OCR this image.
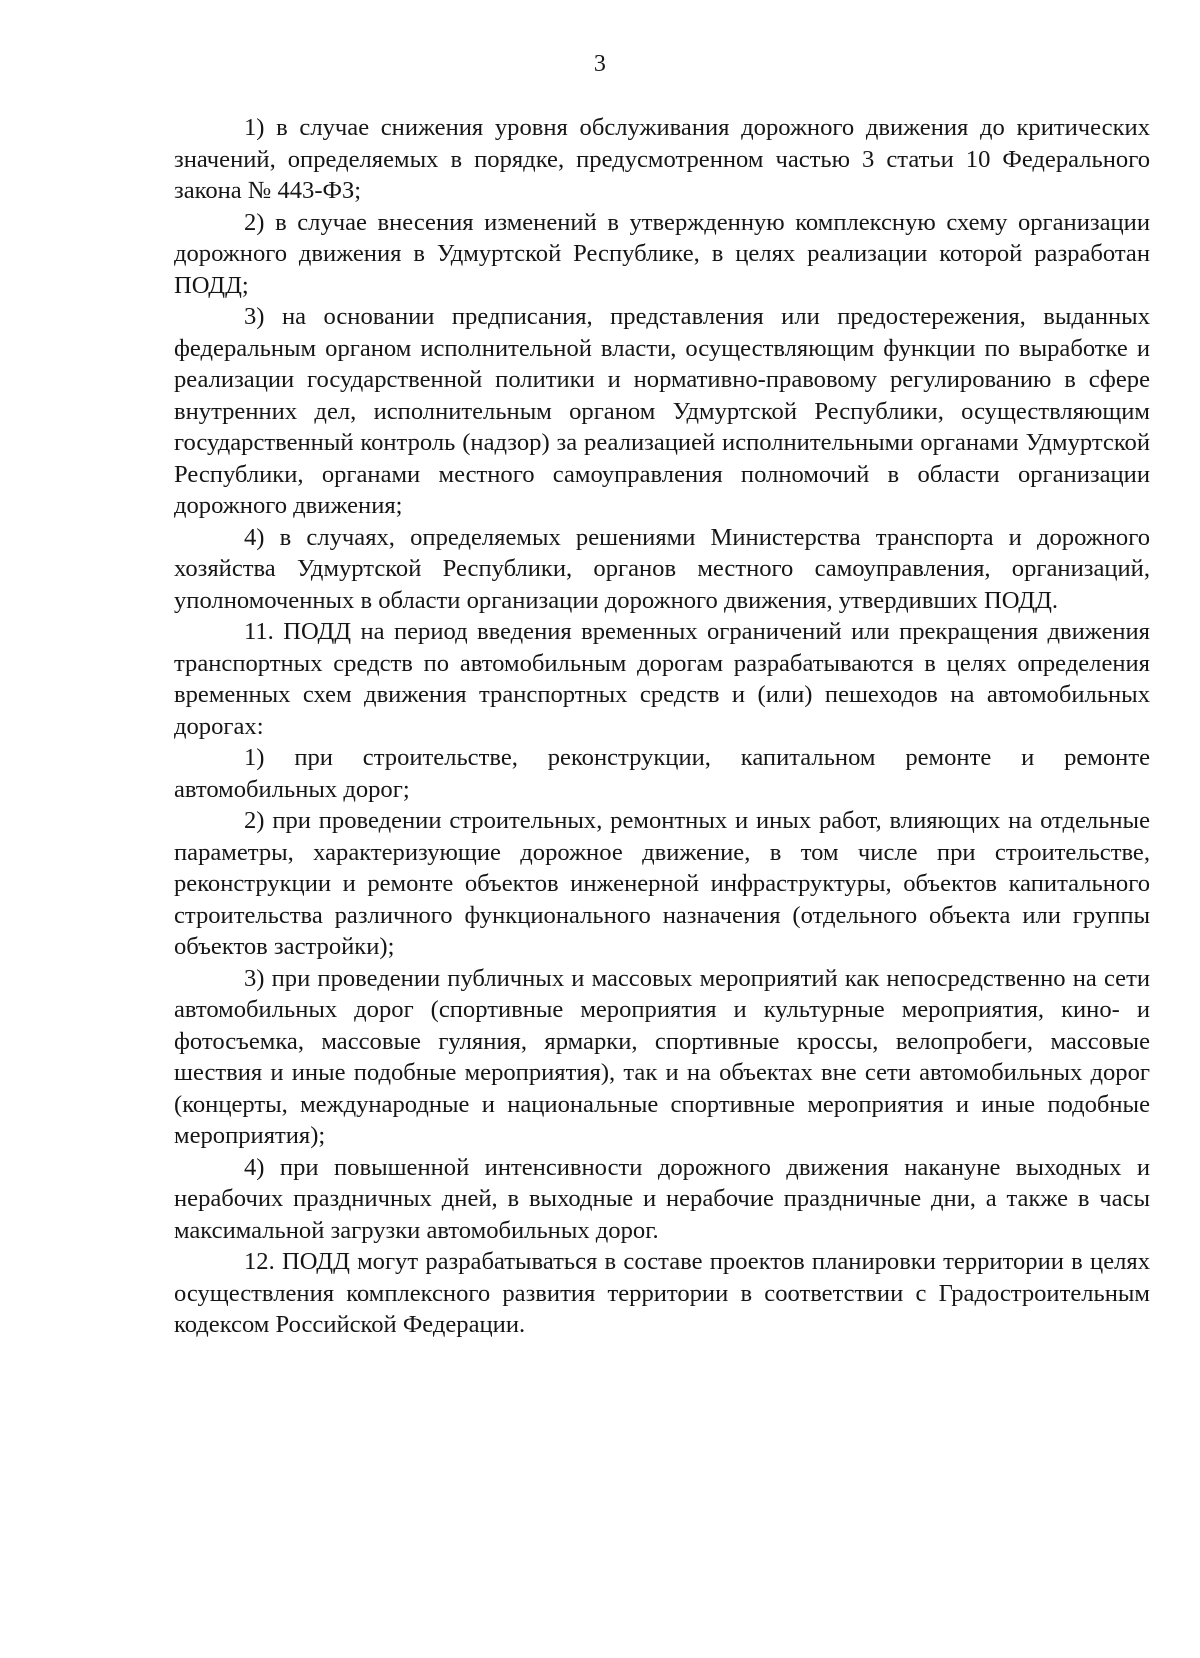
3

1) в случае снижения уровня обслуживания дорожного движения до критических значений, определяемых в порядке, предусмотренном частью 3 статьи 10 Федерального закона № 443-ФЗ;

2) в случае внесения изменений в утвержденную комплексную схему организации дорожного движения в Удмуртской Республике, в целях реализации которой разработан ПОДД;

3) на основании предписания, представления или предостережения, выданных федеральным органом исполнительной власти, осуществляющим функции по выработке и реализации государственной политики и нормативно-правовому регулированию в сфере внутренних дел, исполнительным органом Удмуртской Республики, осуществляющим государственный контроль (надзор) за реализацией исполнительными органами Удмуртской Республики, органами местного самоуправления полномочий в области организации дорожного движения;

4) в случаях, определяемых решениями Министерства транспорта и дорожного хозяйства Удмуртской Республики, органов местного самоуправления, организаций, уполномоченных в области организации дорожного движения, утвердивших ПОДД.

11. ПОДД на период введения временных ограничений или прекращения движения транспортных средств по автомобильным дорогам разрабатываются в целях определения временных схем движения транспортных средств и (или) пешеходов на автомобильных дорогах:

1) при строительстве, реконструкции, капитальном ремонте и ремонте автомобильных дорог;

2) при проведении строительных, ремонтных и иных работ, влияющих на отдельные параметры, характеризующие дорожное движение, в том числе при строительстве, реконструкции и ремонте объектов инженерной инфраструктуры, объектов капитального строительства различного функционального назначения (отдельного объекта или группы объектов застройки);

3) при проведении публичных и массовых мероприятий как непосредственно на сети автомобильных дорог (спортивные мероприятия и культурные мероприятия, кино- и фотосъемка, массовые гуляния, ярмарки, спортивные кроссы, велопробеги, массовые шествия и иные подобные мероприятия), так и на объектах вне сети автомобильных дорог (концерты, международные и национальные спортивные мероприятия и иные подобные мероприятия);

4) при повышенной интенсивности дорожного движения накануне выходных и нерабочих праздничных дней, в выходные и нерабочие праздничные дни, а также в часы максимальной загрузки автомобильных дорог.

12. ПОДД могут разрабатываться в составе проектов планировки территории в целях осуществления комплексного развития территории в соответствии с Градостроительным кодексом Российской Федерации.
